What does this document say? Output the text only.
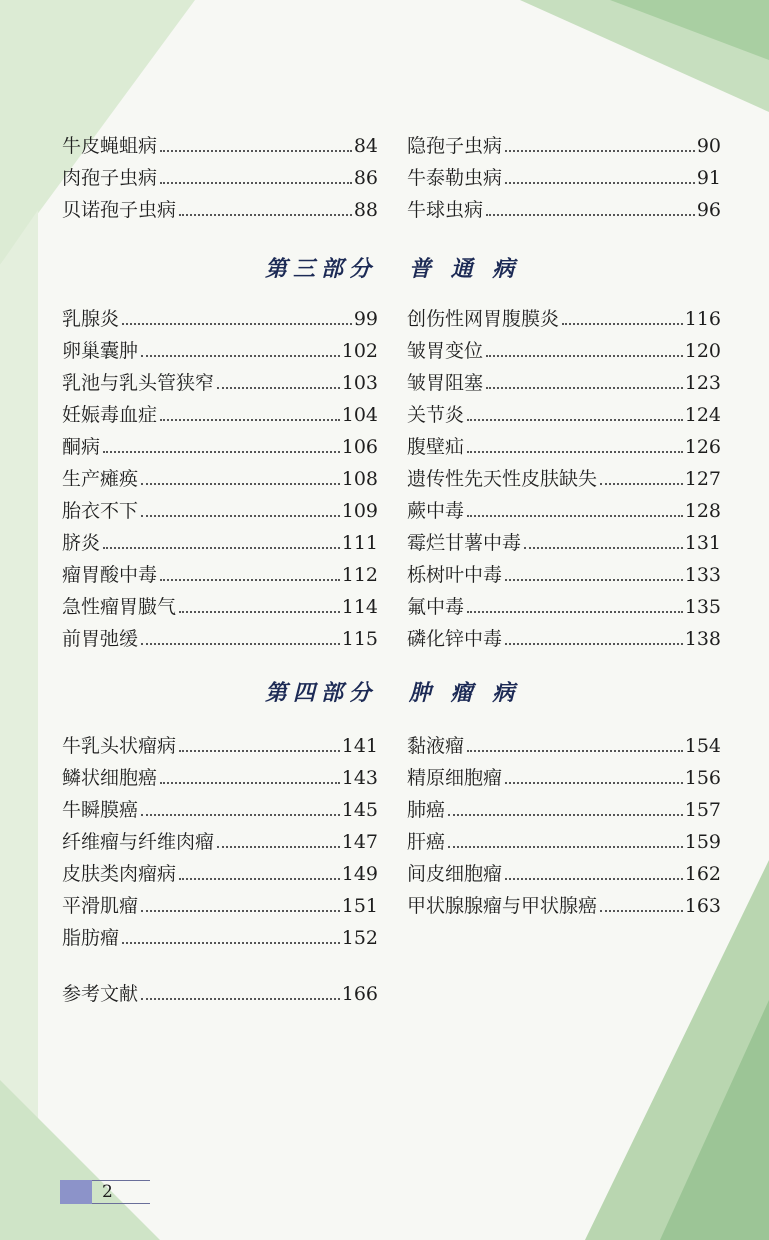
牛皮蝇蛆病	84
肉孢子虫病	86
贝诺孢子虫病	88
隐孢子虫病	90
牛泰勒虫病	91
牛球虫病	96
第三部分 普 通 病
乳腺炎	99
卵巢囊肿	102
乳池与乳头管狭窄	103
妊娠毒血症	104
酮病	106
生产瘫痪	108
胎衣不下	109
脐炎	111
瘤胃酸中毒	112
急性瘤胃臌气	114
前胃弛缓	115
创伤性网胃腹膜炎	116
皱胃变位	120
皱胃阻塞	123
关节炎	124
腹壁疝	126
遗传性先天性皮肤缺失	127
蕨中毒	128
霉烂甘薯中毒	131
栎树叶中毒	133
氟中毒	135
磷化锌中毒	138
第四部分 肿 瘤 病
牛乳头状瘤病	141
鳞状细胞癌	143
牛瞬膜癌	145
纤维瘤与纤维肉瘤	147
皮肤类肉瘤病	149
平滑肌瘤	151
脂肪瘤	152
黏液瘤	154
精原细胞瘤	156
肺癌	157
肝癌	159
间皮细胞瘤	162
甲状腺腺瘤与甲状腺癌	163
参考文献	166
2
